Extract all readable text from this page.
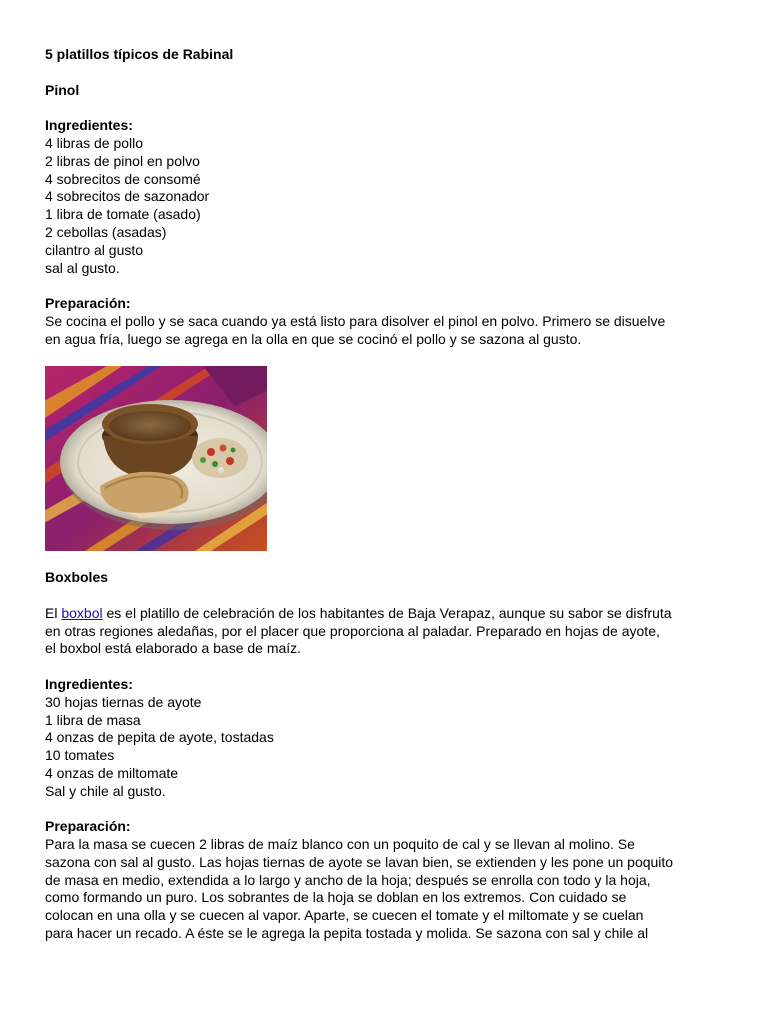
5 platillos típicos de Rabinal

Pinol

Ingredientes:

4 libras de pollo

2 libras de pinol en polvo

4 sobrecitos de consomé

4 sobrecitos de sazonador

1 libra de tomate (asado)

2 cebollas (asadas)

cilantro al gusto

sal al gusto.

Preparación:

Se cocina el pollo y se saca cuando ya está listo para disolver el pinol en polvo. Primero se disuelve

en agua fría, luego se agrega en la olla en que se cocinó el pollo y se sazona al gusto.

Boxboles

El boxbol es el platillo de celebración de los habitantes de Baja Verapaz, aunque su sabor se disfruta

en otras regiones aledañas, por el placer que proporciona al paladar. Preparado en hojas de ayote,

el boxbol está elaborado a base de maíz.

Ingredientes:

30 hojas tiernas de ayote

1 libra de masa

4 onzas de pepita de ayote, tostadas

10 tomates

4 onzas de miltomate

Sal y chile al gusto.

Preparación:

Para la masa se cuecen 2 libras de maíz blanco con un poquito de cal y se llevan al molino. Se

sazona con sal al gusto. Las hojas tiernas de ayote se lavan bien, se extienden y les pone un poquito

de masa en medio, extendida a lo largo y ancho de la hoja; después se enrolla con todo y la hoja,

como formando un puro. Los sobrantes de la hoja se doblan en los extremos. Con cuidado se

colocan en una olla y se cuecen al vapor. Aparte, se cuecen el tomate y el miltomate y se cuelan

para hacer un recado. A éste se le agrega la pepita tostada y molida. Se sazona con sal y chile al
